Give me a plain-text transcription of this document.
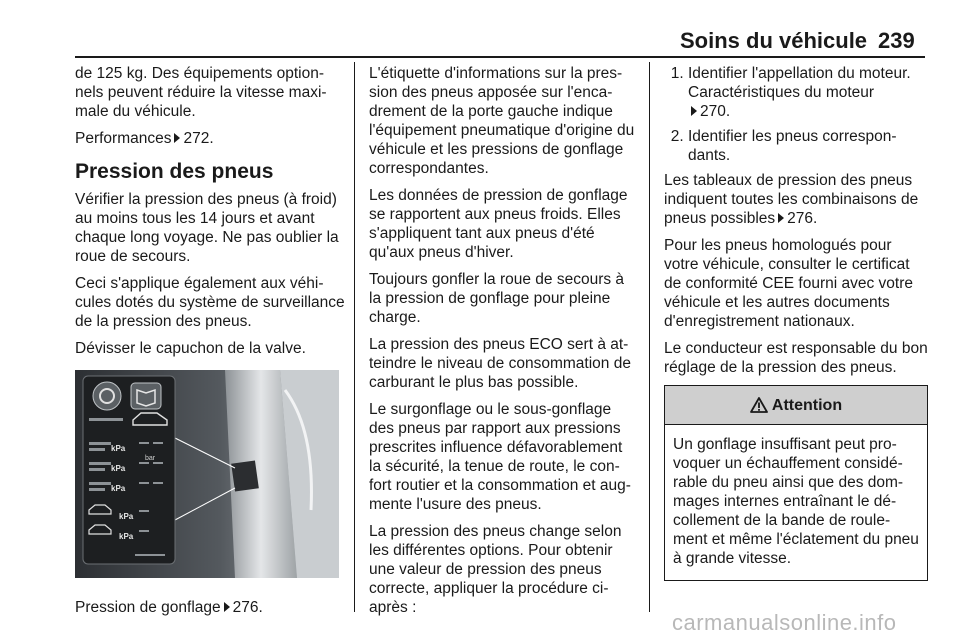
Soins du véhicule 239

de 125 kg. Des équipements optionnels peuvent réduire la vitesse maximale du véhicule.

Performances 272.

Pression des pneus

Vérifier la pression des pneus (à froid) au moins tous les 14 jours et avant chaque long voyage. Ne pas oublier la roue de secours.

Ceci s'applique également aux véhicules dotés du système de surveillance de la pression des pneus.

Dévisser le capuchon de la valve.

kPa
kPa
bar
kPa
kPa
kPa

Pression de gonflage 276.

L'étiquette d'informations sur la pression des pneus apposée sur l'encadrement de la porte gauche indique l'équipement pneumatique d'origine du véhicule et les pressions de gonflage correspondantes.

Les données de pression de gonflage se rapportent aux pneus froids. Elles s'appliquent tant aux pneus d'été qu'aux pneus d'hiver.

Toujours gonfler la roue de secours à la pression de gonflage pour pleine charge.

La pression des pneus ECO sert à atteindre le niveau de consommation de carburant le plus bas possible.

Le surgonflage ou le sous-gonflage des pneus par rapport aux pressions prescrites influence défavorablement la sécurité, la tenue de route, le confort routier et la consommation et augmente l'usure des pneus.

La pression des pneus change selon les différentes options. Pour obtenir une valeur de pression des pneus correcte, appliquer la procédure ci-après :

1. Identifier l'appellation du moteur. Caractéristiques du moteur
270.
2. Identifier les pneus correspondants.

Les tableaux de pression des pneus indiquent toutes les combinaisons de pneus possibles 276.

Pour les pneus homologués pour votre véhicule, consulter le certificat de conformité CEE fourni avec votre véhicule et les autres documents d'enregistrement nationaux.

Le conducteur est responsable du bon réglage de la pression des pneus.

Attention
Un gonflage insuffisant peut provoquer un échauffement considérable du pneu ainsi que des dommages internes entraînant le décollement de la bande de roulement et même l'éclatement du pneu à grande vitesse.
carmanualsonline.info
